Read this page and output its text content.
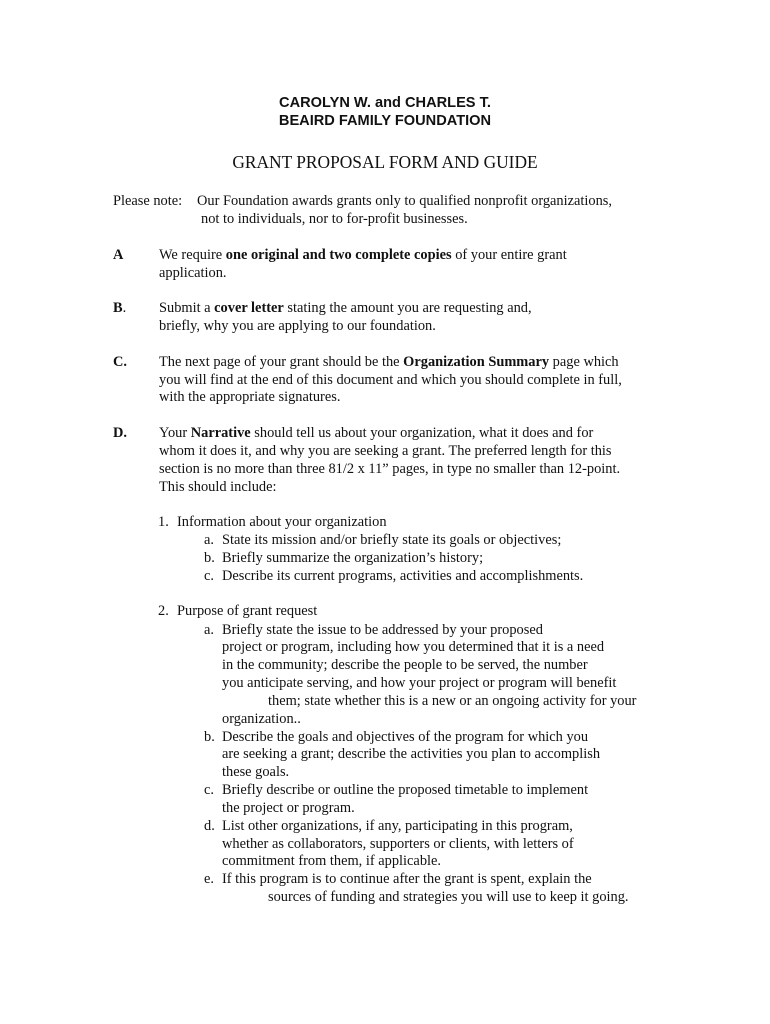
CAROLYN W. and CHARLES T.
BEAIRD FAMILY FOUNDATION
GRANT PROPOSAL FORM AND GUIDE
Please note: Our Foundation awards grants only to qualified nonprofit organizations,
not to individuals, nor to for-profit businesses.
A We require one original and two complete copies of your entire grant
application.
B. Submit a cover letter stating the amount you are requesting and,
briefly, why you are applying to our foundation.
C. The next page of your grant should be the Organization Summary page which
you will find at the end of this document and which you should complete in full,
with the appropriate signatures.
D. Your Narrative should tell us about your organization, what it does and for
whom it does it, and why you are seeking a grant. The preferred length for this
section is no more than three 81/2 x 11” pages, in type no smaller than 12-point.
This should include:
1. Information about your organization
a. State its mission and/or briefly state its goals or objectives;
b. Briefly summarize the organization’s history;
c. Describe its current programs, activities and accomplishments.
2. Purpose of grant request
a. Briefly state the issue to be addressed by your proposed
project or program, including how you determined that it is a need
in the community; describe the people to be served, the number
you anticipate serving, and how your project or program will benefit
them; state whether this is a new or an ongoing activity for your
organization..
b. Describe the goals and objectives of the program for which you
are seeking a grant; describe the activities you plan to accomplish
these goals.
c. Briefly describe or outline the proposed timetable to implement
the project or program.
d. List other organizations, if any, participating in this program,
whether as collaborators, supporters or clients, with letters of
commitment from them, if applicable.
e. If this program is to continue after the grant is spent, explain the
sources of funding and strategies you will use to keep it going.
